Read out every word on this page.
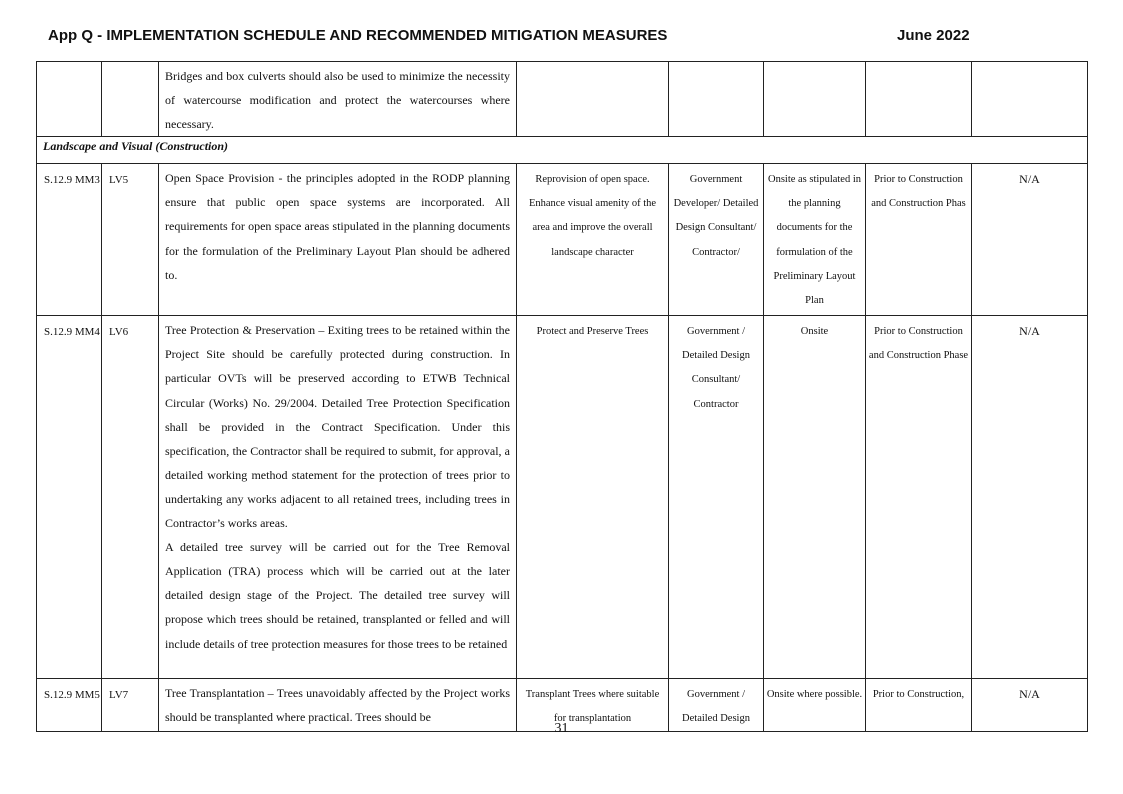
App Q - IMPLEMENTATION SCHEDULE AND RECOMMENDED MITIGATION MEASURES	June 2022
		Bridges and box culverts should also be used to minimize the necessity of watercourse modification and protect the watercourses where necessary.					
Landscape and Visual (Construction)							
S.12.9 MM3	LV5	Open Space Provision - the principles adopted in the RODP planning ensure that public open space systems are incorporated. All requirements for open space areas stipulated in the planning documents for the formulation of the Preliminary Layout Plan should be adhered to.	Reprovision of open space. Enhance visual amenity of the area and improve the overall landscape character	Government Developer/ Detailed Design Consultant/ Contractor/	Onsite as stipulated in the planning documents for the formulation of the Preliminary Layout Plan	Prior to Construction and Construction Phas	N/A
S.12.9 MM4	LV6	Tree Protection & Preservation – Exiting trees to be retained within the Project Site should be carefully protected during construction. In particular OVTs will be preserved according to ETWB Technical Circular (Works) No. 29/2004. Detailed Tree Protection Specification shall be provided in the Contract Specification. Under this specification, the Contractor shall be required to submit, for approval, a detailed working method statement for the protection of trees prior to undertaking any works adjacent to all retained trees, including trees in Contractor’s works areas.

A detailed tree survey will be carried out for the Tree Removal Application (TRA) process which will be carried out at the later detailed design stage of the Project. The detailed tree survey will propose which trees should be retained, transplanted or felled and will include details of tree protection measures for those trees to be retained	Protect and Preserve Trees	Government / Detailed Design Consultant/ Contractor	Onsite	Prior to Construction and Construction Phase	N/A
S.12.9 MM5	LV7	Tree Transplantation – Trees unavoidably affected by the Project works should be transplanted where practical. Trees should be	Transplant Trees where suitable for transplantation	Government / Detailed Design	Onsite where possible.	Prior to Construction,	N/A
31
